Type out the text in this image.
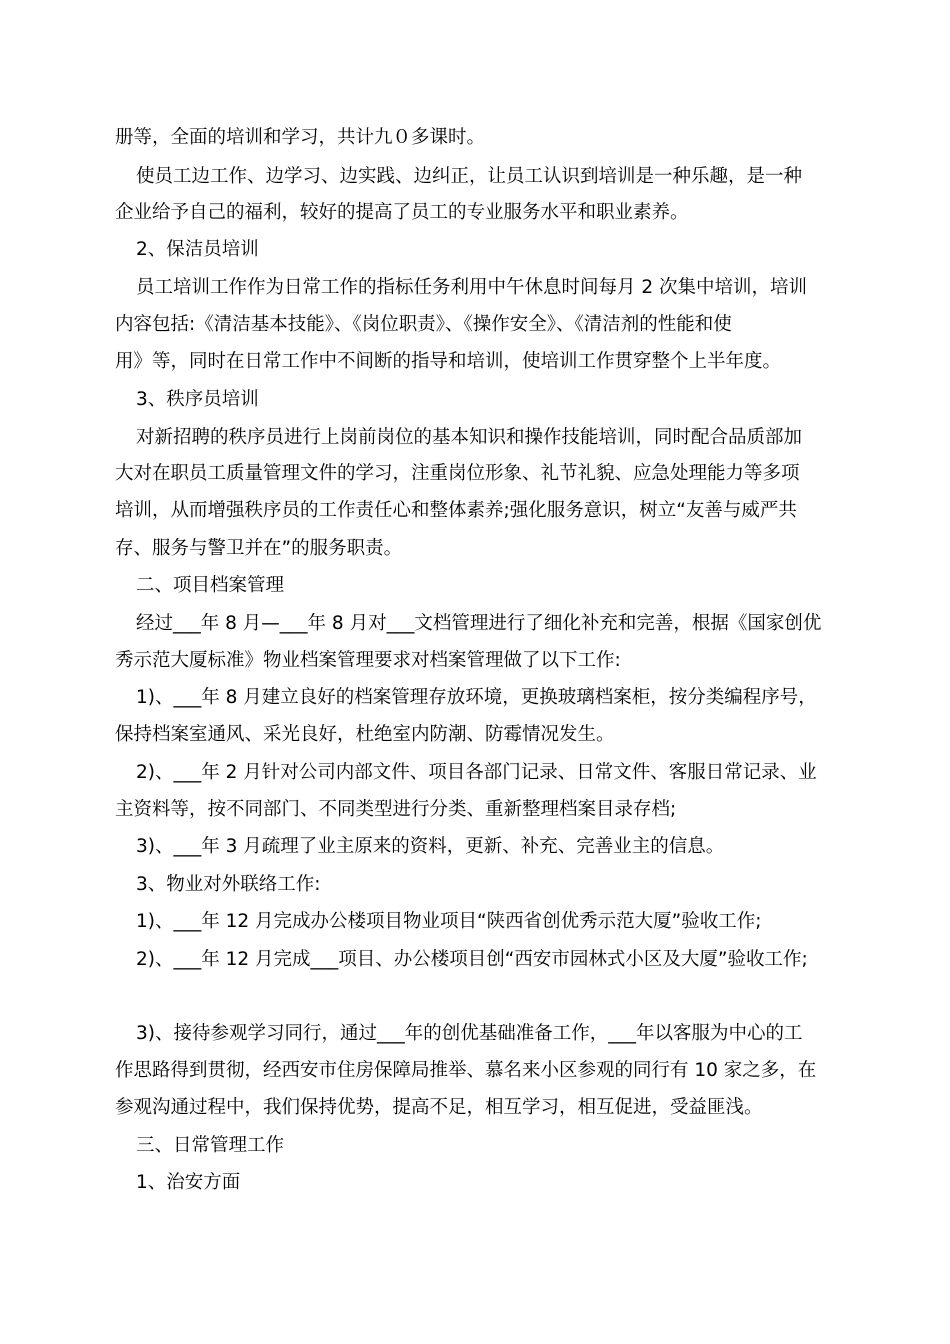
册等，全面的培训和学习，共计九０多课时。
使员工边工作、边学习、边实践、边纠正，让员工认识到培训是一种乐趣，是一种
企业给予自己的福利，较好的提高了员工的专业服务水平和职业素养。
2、保洁员培训
员工培训工作作为日常工作的指标任务利用中午休息时间每月 2 次集中培训，培训
内容包括:《清洁基本技能》、《岗位职责》、《操作安全》、《清洁剂的性能和使
用》等，同时在日常工作中不间断的指导和培训，使培训工作贯穿整个上半年度。
3、秩序员培训
对新招聘的秩序员进行上岗前岗位的基本知识和操作技能培训，同时配合品质部加
大对在职员工质量管理文件的学习，注重岗位形象、礼节礼貌、应急处理能力等多项
培训，从而增强秩序员的工作责任心和整体素养;强化服务意识，树立“友善与威严共
存、服务与警卫并在”的服务职责。
二、项目档案管理
经过___年 8 月—___年 8 月对___文档管理进行了细化补充和完善，根据《国家创优
秀示范大厦标准》物业档案管理要求对档案管理做了以下工作:
1)、___年 8 月建立良好的档案管理存放环境，更换玻璃档案柜，按分类编程序号，
保持档案室通风、采光良好，杜绝室内防潮、防霉情况发生。
2)、___年 2 月针对公司内部文件、项目各部门记录、日常文件、客服日常记录、业
主资料等，按不同部门、不同类型进行分类、重新整理档案目录存档;
3)、___年 3 月疏理了业主原来的资料，更新、补充、完善业主的信息。
3、物业对外联络工作:
1)、___年 12 月完成办公楼项目物业项目“陕西省创优秀示范大厦”验收工作;
2)、___年 12 月完成___项目、办公楼项目创“西安市园林式小区及大厦”验收工作;
3)、接待参观学习同行，通过___年的创优基础准备工作，___年以客服为中心的工
作思路得到贯彻，经西安市住房保障局推举、慕名来小区参观的同行有 10 家之多，在
参观沟通过程中，我们保持优势，提高不足，相互学习，相互促进，受益匪浅。
三、日常管理工作
1、治安方面
